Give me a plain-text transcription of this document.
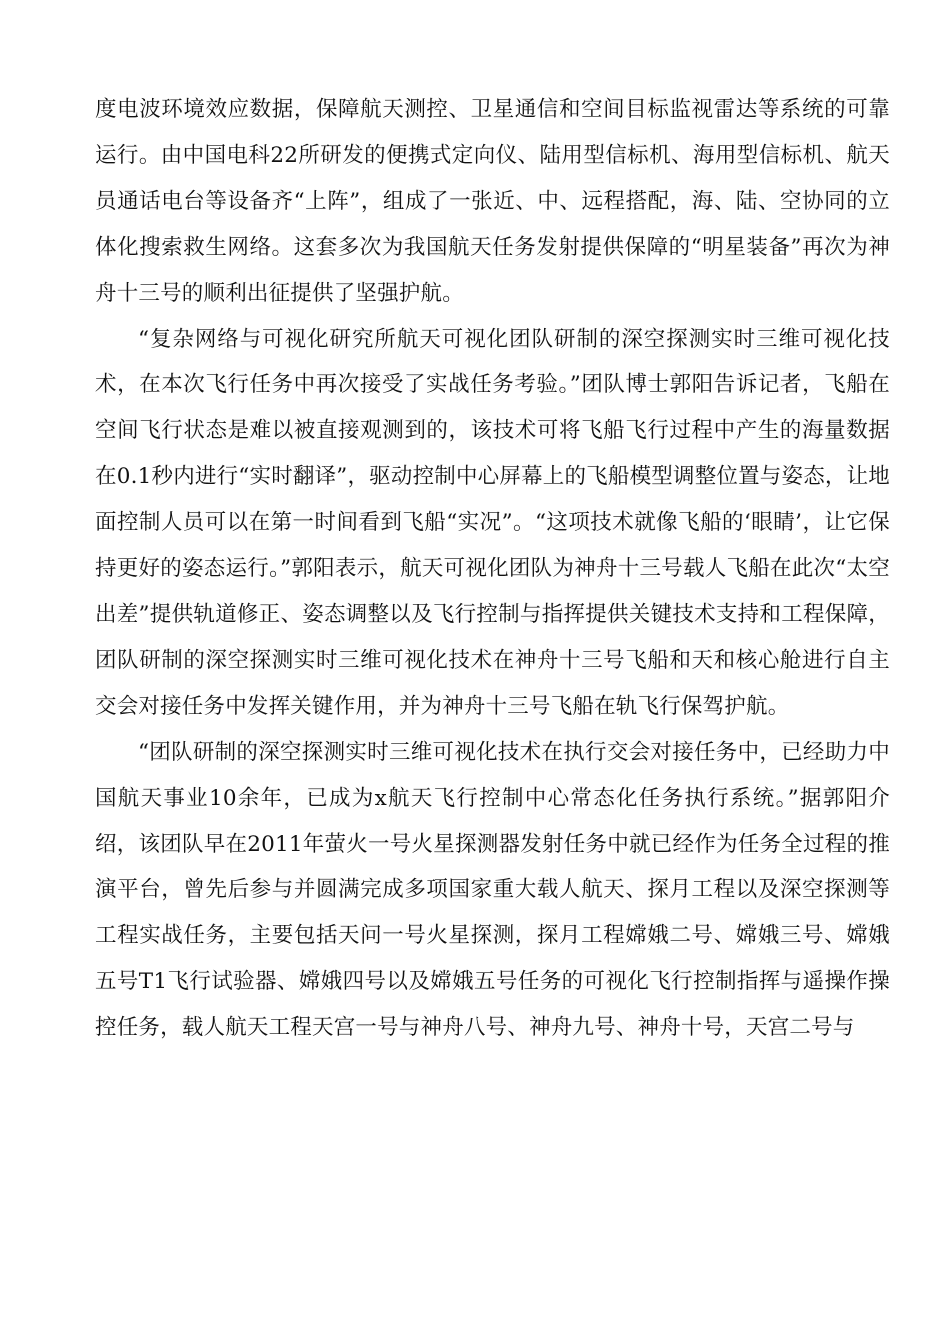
度电波环境效应数据，保障航天测控、卫星通信和空间目标监视雷达等系统的可靠运行。由中国电科22所研发的便携式定向仪、陆用型信标机、海用型信标机、航天员通话电台等设备齐“上阵”，组成了一张近、中、远程搭配，海、陆、空协同的立体化搜索救生网络。这套多次为我国航天任务发射提供保障的“明星装备”再次为神舟十三号的顺利出征提供了坚强护航。

“复杂网络与可视化研究所航天可视化团队研制的深空探测实时三维可视化技术，在本次飞行任务中再次接受了实战任务考验。”团队博士郭阳告诉记者，飞船在空间飞行状态是难以被直接观测到的，该技术可将飞船飞行过程中产生的海量数据在0.1秒内进行“实时翻译”，驱动控制中心屏幕上的飞船模型调整位置与姿态，让地面控制人员可以在第一时间看到飞船“实况”。“这项技术就像飞船的‘眼睛’，让它保持更好的姿态运行。”郭阳表示，航天可视化团队为神舟十三号载人飞船在此次“太空出差”提供轨道修正、姿态调整以及飞行控制与指挥提供关键技术支持和工程保障，团队研制的深空探测实时三维可视化技术在神舟十三号飞船和天和核心舱进行自主交会对接任务中发挥关键作用，并为神舟十三号飞船在轨飞行保驾护航。

“团队研制的深空探测实时三维可视化技术在执行交会对接任务中，已经助力中国航天事业10余年，已成为x航天飞行控制中心常态化任务执行系统。”据郭阳介绍，该团队早在2011年萤火一号火星探测器发射任务中就已经作为任务全过程的推演平台，曾先后参与并圆满完成多项国家重大载人航天、探月工程以及深空探测等工程实战任务，主要包括天问一号火星探测，探月工程嫦娥二号、嫦娥三号、嫦娥五号T1飞行试验器、嫦娥四号以及嫦娥五号任务的可视化飞行控制指挥与遥操作操控任务，载人航天工程天宫一号与神舟八号、神舟九号、神舟十号，天宫二号与
